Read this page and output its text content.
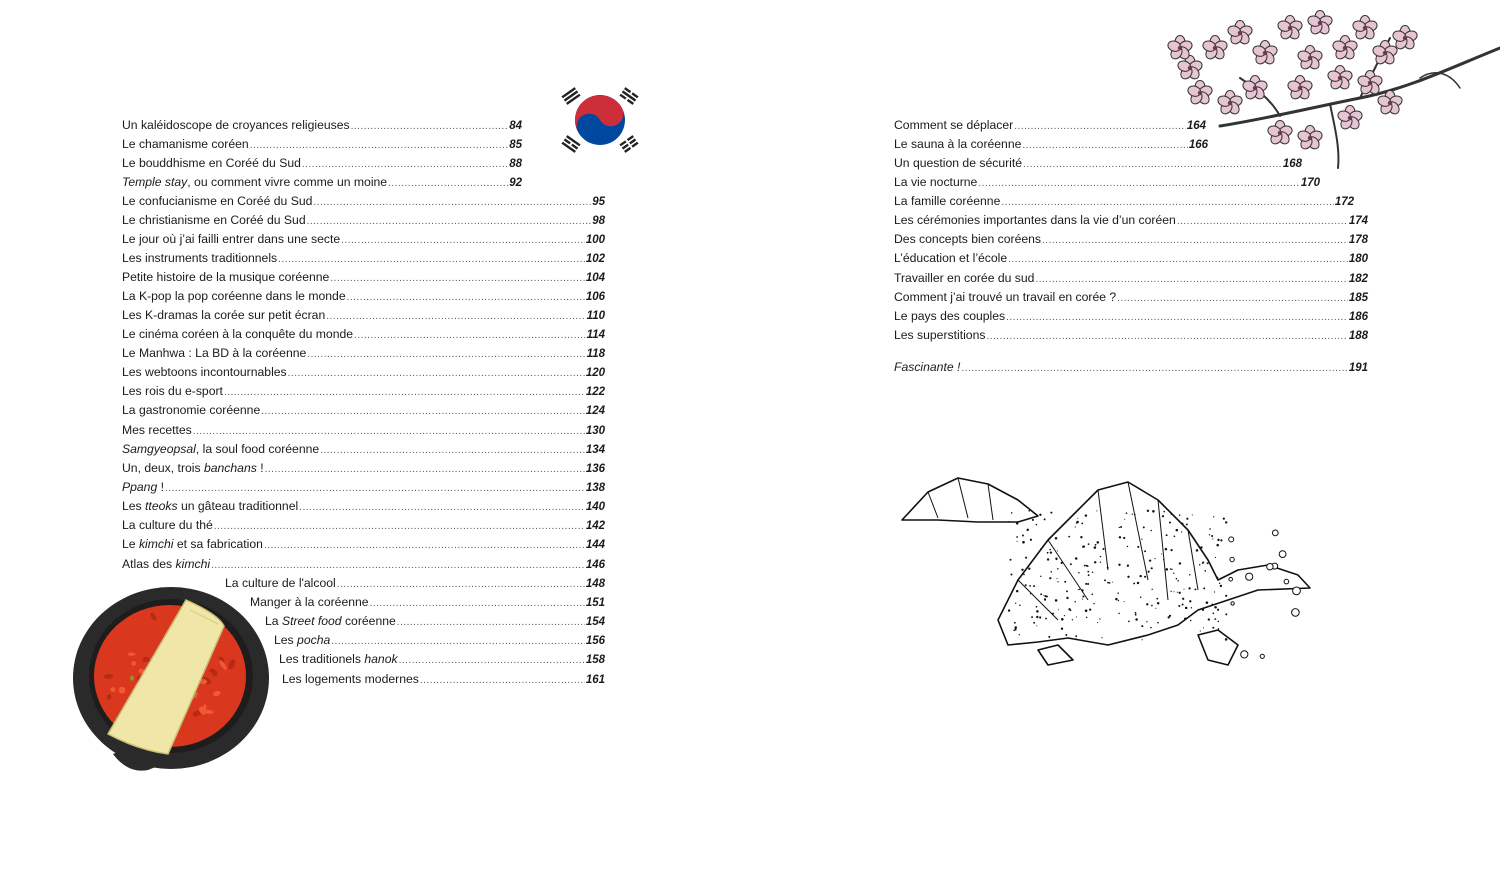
Un kaléidoscope de croyances religieuses .....	84
Le chamanisme coréen .....	85
Le bouddhisme en Coréé du Sud .....	88
Temple stay, ou comment vivre comme un moine .....	92
Le confucianisme en Coréé du Sud .....	95
Le christianisme en Coréé du Sud .....	98
Le jour où j’ai failli entrer dans une secte .....	100
Les instruments traditionnels .....	102
Petite histoire de la musique coréenne .....	104
La K-pop la pop coréenne dans le monde .....	106
Les K-dramas la corée sur petit écran .....	110
Le cinéma coréen à la conquête du monde .....	114
Le Manhwa : La BD à la coréenne .....	118
Les webtoons incontournables .....	120
Les rois du e-sport .....	122
La gastronomie coréenne .....	124
Mes recettes .....	130
Samgyeopsal, la soul food coréenne .....	134
Un, deux, trois banchans ! .....	136
Ppang ! .....	138
Les tteoks un gâteau traditionnel .....	140
La culture du thé .....	142
Le kimchi et sa fabrication .....	144
Atlas des kimchi .....	146
La culture de l'alcool .....	148
Manger à la coréenne .....	151
La Street food coréenne .....	154
Les pocha .....	156
Les traditionels hanok .....	158
Les logements modernes .....	161
Comment se déplacer .....	164
Le sauna à la coréenne .....	166
Un question de sécurité .....	168
La vie nocturne .....	170
La famille coréenne .....	172
Les cérémonies importantes dans la vie d’un coréen .....	174
Des concepts bien coréens .....	178
L’éducation et l’école .....	180
Travailler en corée du sud .....	182
Comment j’ai trouvé un travail en corée ? .....	185
Le pays des couples .....	186
Les superstitions .....	188
Fascinante ! .....	191
